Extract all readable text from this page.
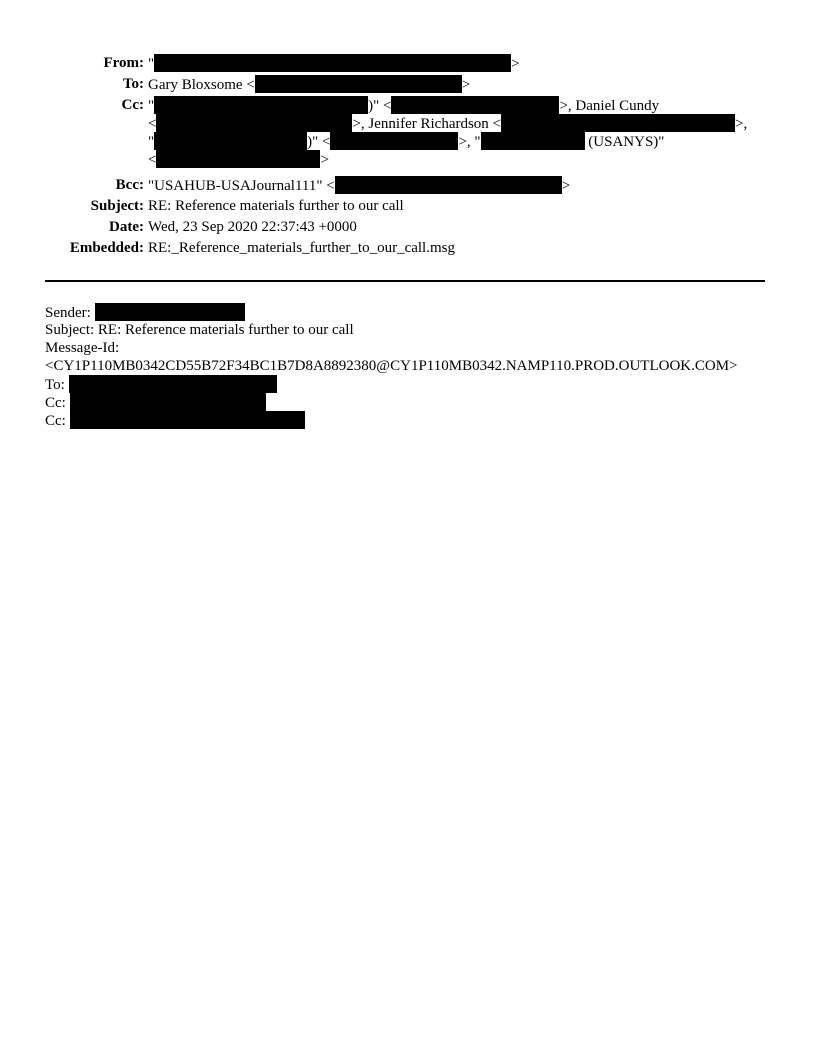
From: "	>
To: Gary Bloxsome <	>
Cc: "	)" <	>, Daniel Cundy
<	>, Jennifer Richardson <	>,
"	)" <	>, "	(USANYS)"
<	>
Bcc: "USAHUB-USAJournal111" <	>
Subject: RE: Reference materials further to our call
Date: Wed, 23 Sep 2020 22:37:43 +0000
Embedded: RE:_Reference_materials_further_to_our_call.msg
Sender:
Subject: RE: Reference materials further to our call
Message-Id:
<CY1P110MB0342CD55B72F34BC1B7D8A8892380@CY1P110MB0342.NAMP110.PROD.OUTLOOK.COM>
To:
Cc:
Cc:
